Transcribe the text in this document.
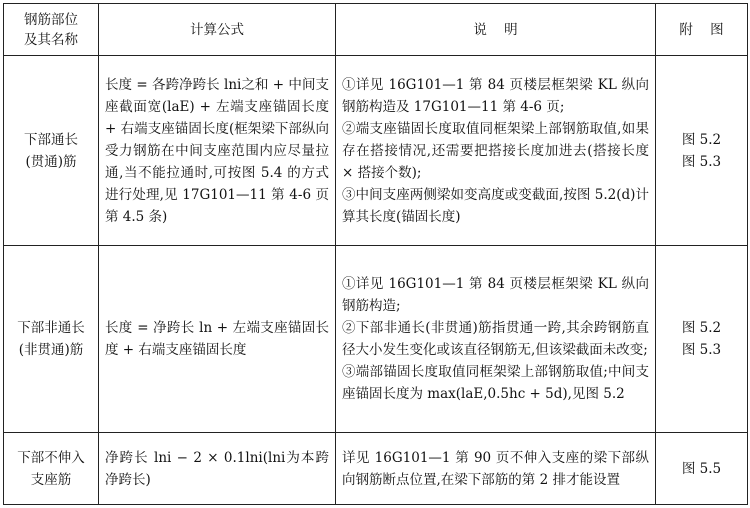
钢筋部位及其名称	计算公式	说    明	附    图
下部通长(贯通)筋	长度 = 各跨净跨长 lni之和 + 中间支座截面宽(laE) + 左端支座锚固长度 + 右端支座锚固长度(框架梁下部纵向受力钢筋在中间支座范围内应尽量拉通,当不能拉通时,可按图 5.4 的方式进行处理,见 17G101—11 第 4-6 页第 4.5 条)	①详见 16G101—1 第 84 页楼层框架梁 KL 纵向钢筋构造及 17G101—11 第 4-6 页;
②端支座锚固长度取值同框架梁上部钢筋取值,如果存在搭接情况,还需要把搭接长度加进去(搭接长度 × 搭接个数);
③中间支座两侧梁如变高度或变截面,按图 5.2(d)计算其长度(锚固长度)	图 5.2
图 5.3

下部非通长(非贯通)筋	长度 = 净跨长 ln + 左端支座锚固长度 + 右端支座锚固长度	①详见 16G101—1 第 84 页楼层框架梁 KL 纵向钢筋构造;
②下部非通长(非贯通)筋指贯通一跨,其余跨钢筋直径大小发生变化或该直径钢筋无,但该梁截面未改变;
③端部锚固长度取值同框架梁上部钢筋取值;中间支座锚固长度为 max(laE,0.5hc + 5d),见图 5.2	图 5.2
图 5.3

下部不伸入支座筋	净跨长 lni − 2 × 0.1lni(lni为本跨净跨长)	详见 16G101—1 第 90 页不伸入支座的梁下部纵向钢筋断点位置,在梁下部筋的第 2 排才能设置	图 5.5
